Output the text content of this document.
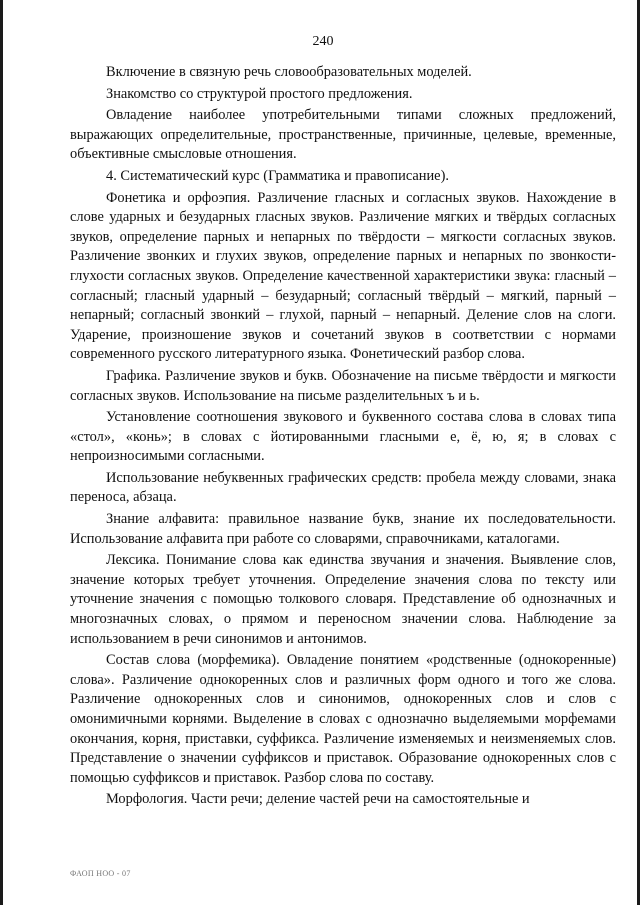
240

Включение в связную речь словообразовательных моделей.

Знакомство со структурой простого предложения.

Овладение наиболее употребительными типами сложных предложений, выражающих определительные, пространственные, причинные, целевые, временные, объективные смысловые отношения.

4. Систематический курс (Грамматика и правописание).

Фонетика и орфоэпия. Различение гласных и согласных звуков. Нахождение в слове ударных и безударных гласных звуков. Различение мягких и твёрдых согласных звуков, определение парных и непарных по твёрдости – мягкости согласных звуков. Различение звонких и глухих звуков, определение парных и непарных по звонкости-глухости согласных звуков. Определение качественной характеристики звука: гласный – согласный; гласный ударный – безударный; согласный твёрдый – мягкий, парный – непарный; согласный звонкий – глухой, парный – непарный. Деление слов на слоги. Ударение, произношение звуков и сочетаний звуков в соответствии с нормами современного русского литературного языка. Фонетический разбор слова.

Графика. Различение звуков и букв. Обозначение на письме твёрдости и мягкости согласных звуков. Использование на письме разделительных ъ и ь.

Установление соотношения звукового и буквенного состава слова в словах типа «стол», «конь»; в словах с йотированными гласными е, ё, ю, я; в словах с непроизносимыми согласными.

Использование небуквенных графических средств: пробела между словами, знака переноса, абзаца.

Знание алфавита: правильное название букв, знание их последовательности. Использование алфавита при работе со словарями, справочниками, каталогами.

Лексика. Понимание слова как единства звучания и значения. Выявление слов, значение которых требует уточнения. Определение значения слова по тексту или уточнение значения с помощью толкового словаря. Представление об однозначных и многозначных словах, о прямом и переносном значении слова. Наблюдение за использованием в речи синонимов и антонимов.

Состав слова (морфемика). Овладение понятием «родственные (однокоренные) слова». Различение однокоренных слов и различных форм одного и того же слова. Различение однокоренных слов и синонимов, однокоренных слов и слов с омонимичными корнями. Выделение в словах с однозначно выделяемыми морфемами окончания, корня, приставки, суффикса. Различение изменяемых и неизменяемых слов. Представление о значении суффиксов и приставок. Образование однокоренных слов с помощью суффиксов и приставок. Разбор слова по составу.

Морфология. Части речи; деление частей речи на самостоятельные и

ФАОП НОО - 07
